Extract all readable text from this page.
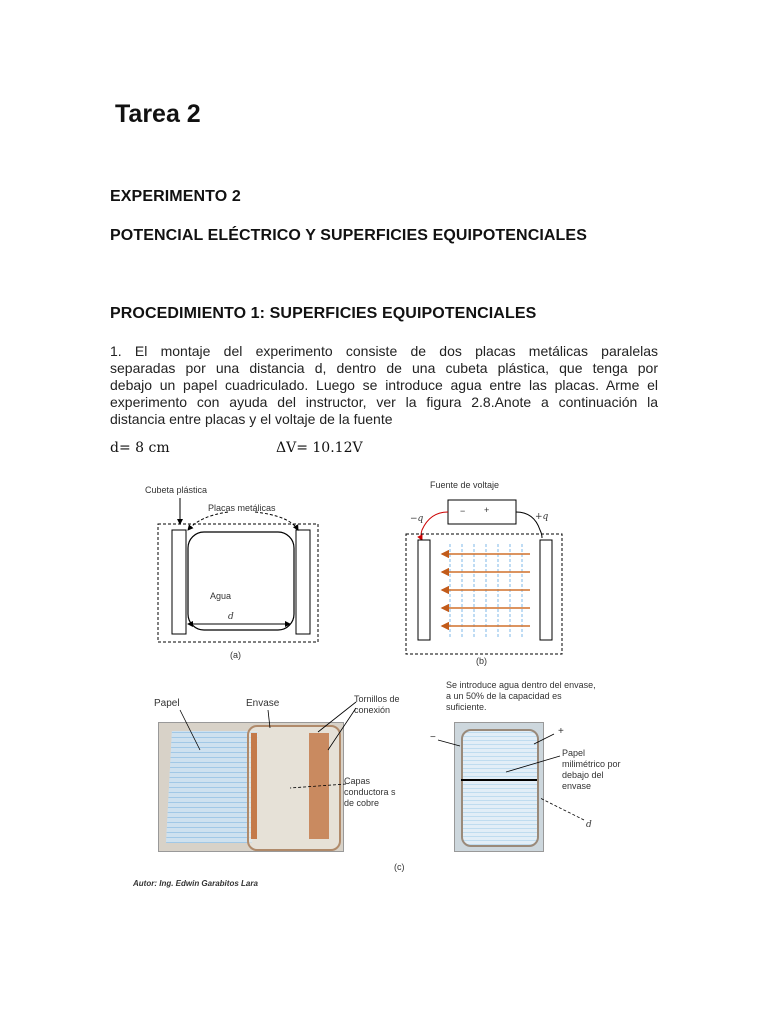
Tarea 2
EXPERIMENTO 2
POTENCIAL ELÉCTRICO Y SUPERFICIES EQUIPOTENCIALES
PROCEDIMIENTO 1: SUPERFICIES EQUIPOTENCIALES
1. El montaje del experimento consiste de dos placas metálicas paralelas
separadas por una distancia d, dentro de una cubeta plástica, que tenga por
debajo un papel cuadriculado. Luego se introduce agua entre las placas. Arme el
experimento con ayuda del instructor, ver la figura 2.8.Anote a continuación la
distancia entre placas y el voltaje de la fuente
d= 8 cm	ΔV= 10.12V
Cubeta plástica
Placas metálicas
Agua
d
(a)
Fuente de voltaje
−q	+q
− +
(b)
Papel	Envase	Tornillos de conexión
Capas conductora s de cobre
Se introduce agua dentro del envase, a un 50% de la capacidad es suficiente.
−
+
Papel milimétrico por debajo del envase
d
(c)
Autor: Ing. Edwin Garabitos Lara
